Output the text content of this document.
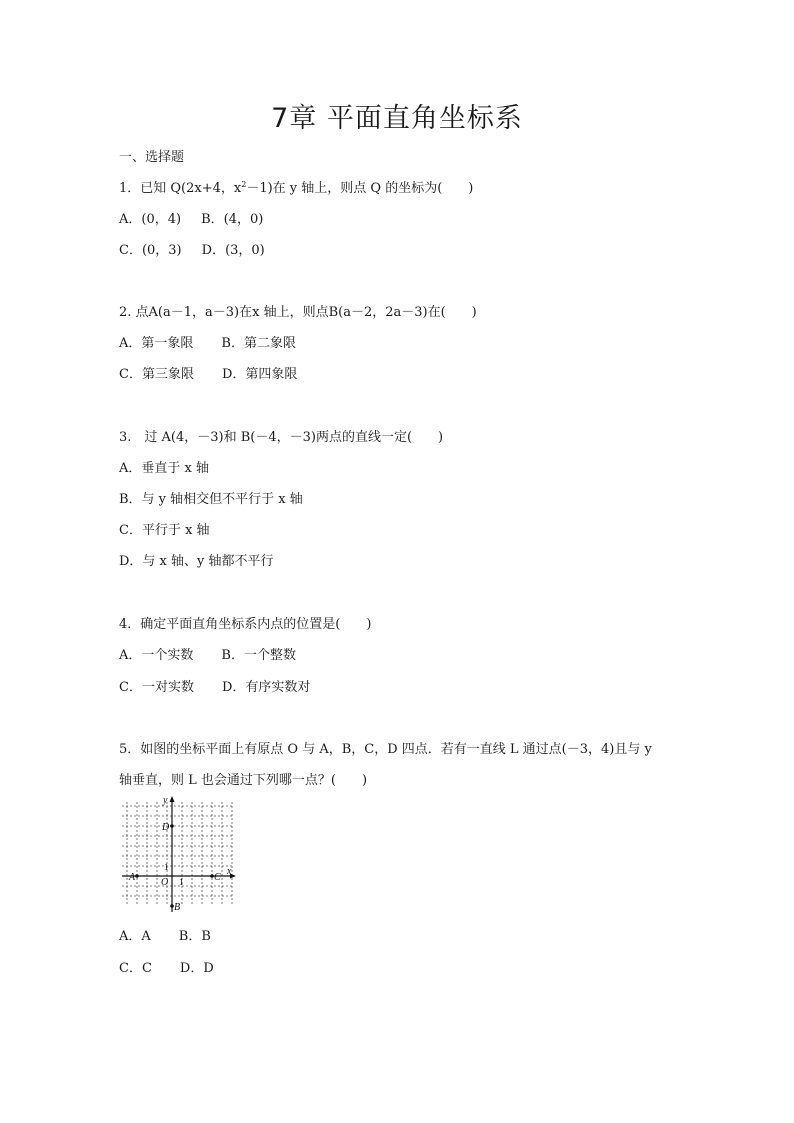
7章 平面直角坐标系
一、选择题
1．已知 Q(2x+4，$x^2-1$)在 y 轴上，则点 Q 的坐标为(　　)
A．(0，4) B．(4，0)
C．(0，3) D．(3，0)
2. 点A(a－1，a－3)在x 轴上，则点B(a－2，2a－3)在(　　)
A．第一象限 B．第二象限
C．第三象限 D．第四象限
3.　过 A(4，－3)和 B(－4，－3)两点的直线一定(　　)
A．垂直于 x 轴
B．与 y 轴相交但不平行于 x 轴
C．平行于 x 轴
D．与 x 轴、y 轴都不平行
4．确定平面直角坐标系内点的位置是(　　)
A．一个实数 B．一个整数
C．一对实数 D．有序实数对
5．如图的坐标平面上有原点 O 与 A，B，C，D 四点．若有一直线 L 通过点(－3，4)且与 y
轴垂直，则 L 也会通过下列哪一点？(　　)
y
x
D
A	C
B
O 1
1
A．A B．B
C．C D．D
